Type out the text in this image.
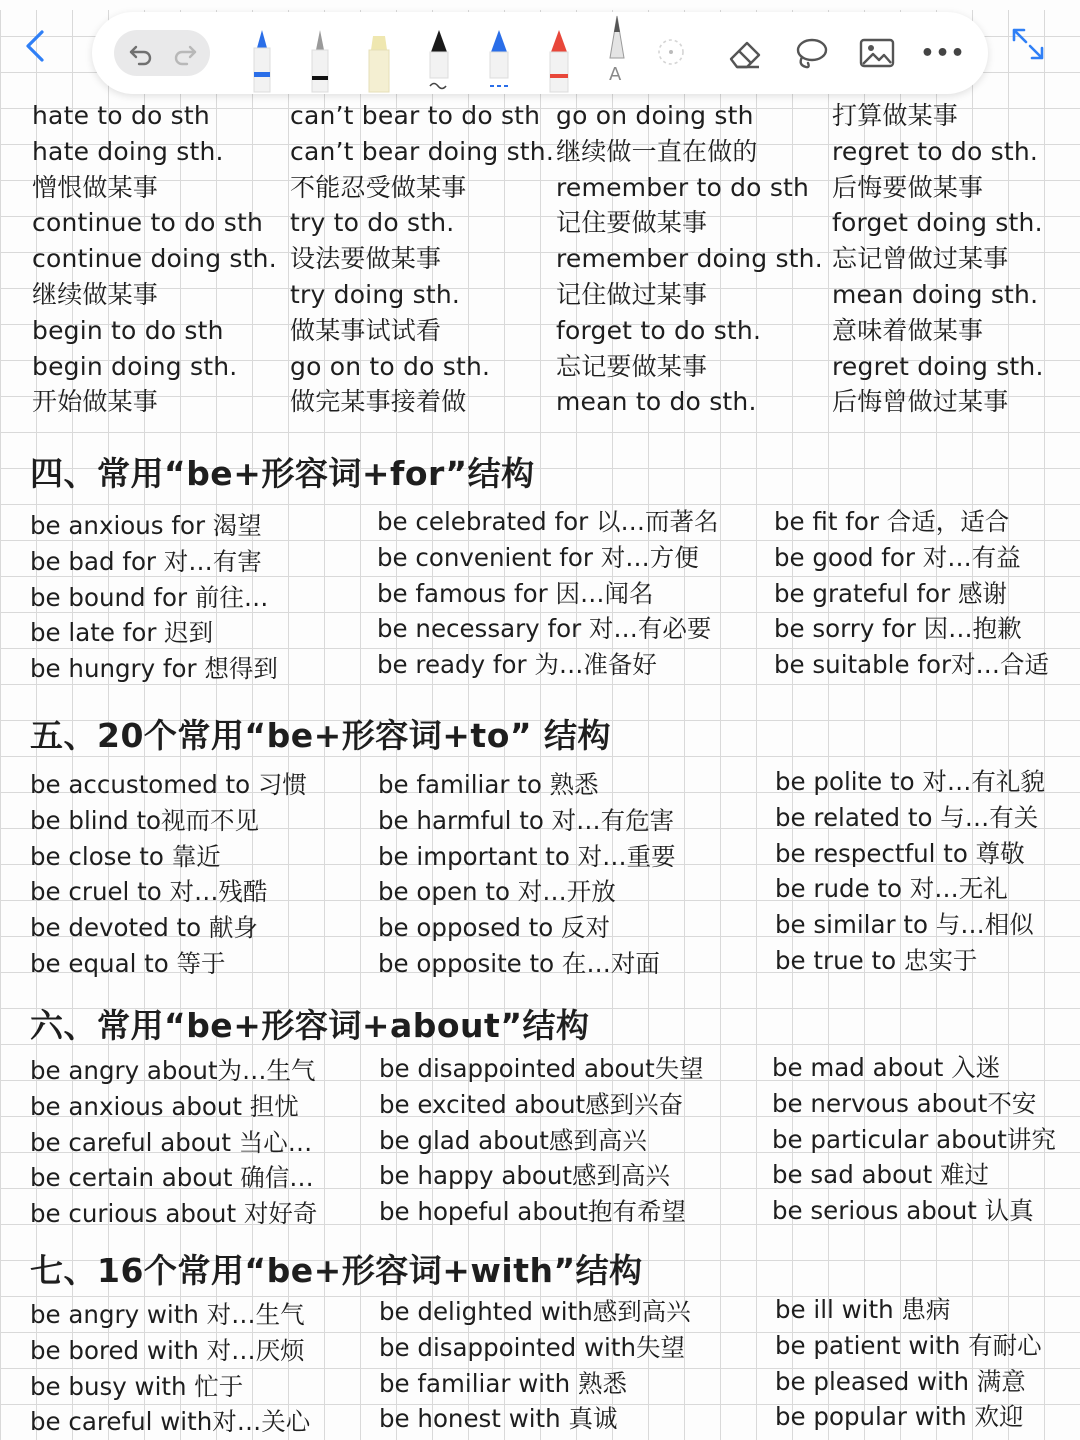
A
•••
hate to do sth
hate doing sth.
憎恨做某事
continue to do sth
continue doing sth.
继续做某事
begin to do sth
begin doing sth.
开始做某事
can’t bear to do sth
can’t bear doing sth.
不能忍受做某事
try to do sth.
设法要做某事
try doing sth.
做某事试试看
go on to do sth.
做完某事接着做
go on doing sth
继续做一直在做的
remember to do sth
记住要做某事
remember doing sth.
记住做过某事
forget to do sth.
忘记要做某事
mean to do sth.
打算做某事
regret to do sth.
后悔要做某事
forget doing sth.
忘记曾做过某事
mean doing sth.
意味着做某事
regret doing sth.
后悔曾做过某事
四、常用“be+形容词+for”结构
be anxious for 渴望
be bad for 对…有害
be bound for 前往…
be late for 迟到
be hungry for 想得到
be celebrated for 以…而著名
be convenient for 对…方便
be famous for 因…闻名
be necessary for 对…有必要
be ready for 为…准备好
be fit for 合适，适合
be good for 对…有益
be grateful for 感谢
be sorry for 因…抱歉
be suitable for对…合适
五、20个常用“be+形容词+to” 结构
be accustomed to 习惯
be blind to视而不见
be close to 靠近
be cruel to 对…残酷
be devoted to 献身
be equal to 等于
be familiar to 熟悉
be harmful to 对…有危害
be important to 对…重要
be open to 对…开放
be opposed to 反对
be opposite to 在…对面
be polite to 对…有礼貌
be related to 与…有关
be respectful to 尊敬
be rude to 对…无礼
be similar to 与…相似
be true to 忠实于
六、常用“be+形容词+about”结构
be angry about为…生气
be anxious about 担忧
be careful about 当心…
be certain about 确信…
be curious about 对好奇
be disappointed about失望
be excited about感到兴奋
be glad about感到高兴
be happy about感到高兴
be hopeful about抱有希望
be mad about 入迷
be nervous about不安
be particular about讲究
be sad about 难过
be serious about 认真
七、16个常用“be+形容词+with”结构
be angry with 对…生气
be bored with 对…厌烦
be busy with 忙于
be careful with对…关心
be delighted with感到高兴
be disappointed with失望
be familiar with 熟悉
be honest with 真诚
be ill with 患病
be patient with 有耐心
be pleased with 满意
be popular with 欢迎
